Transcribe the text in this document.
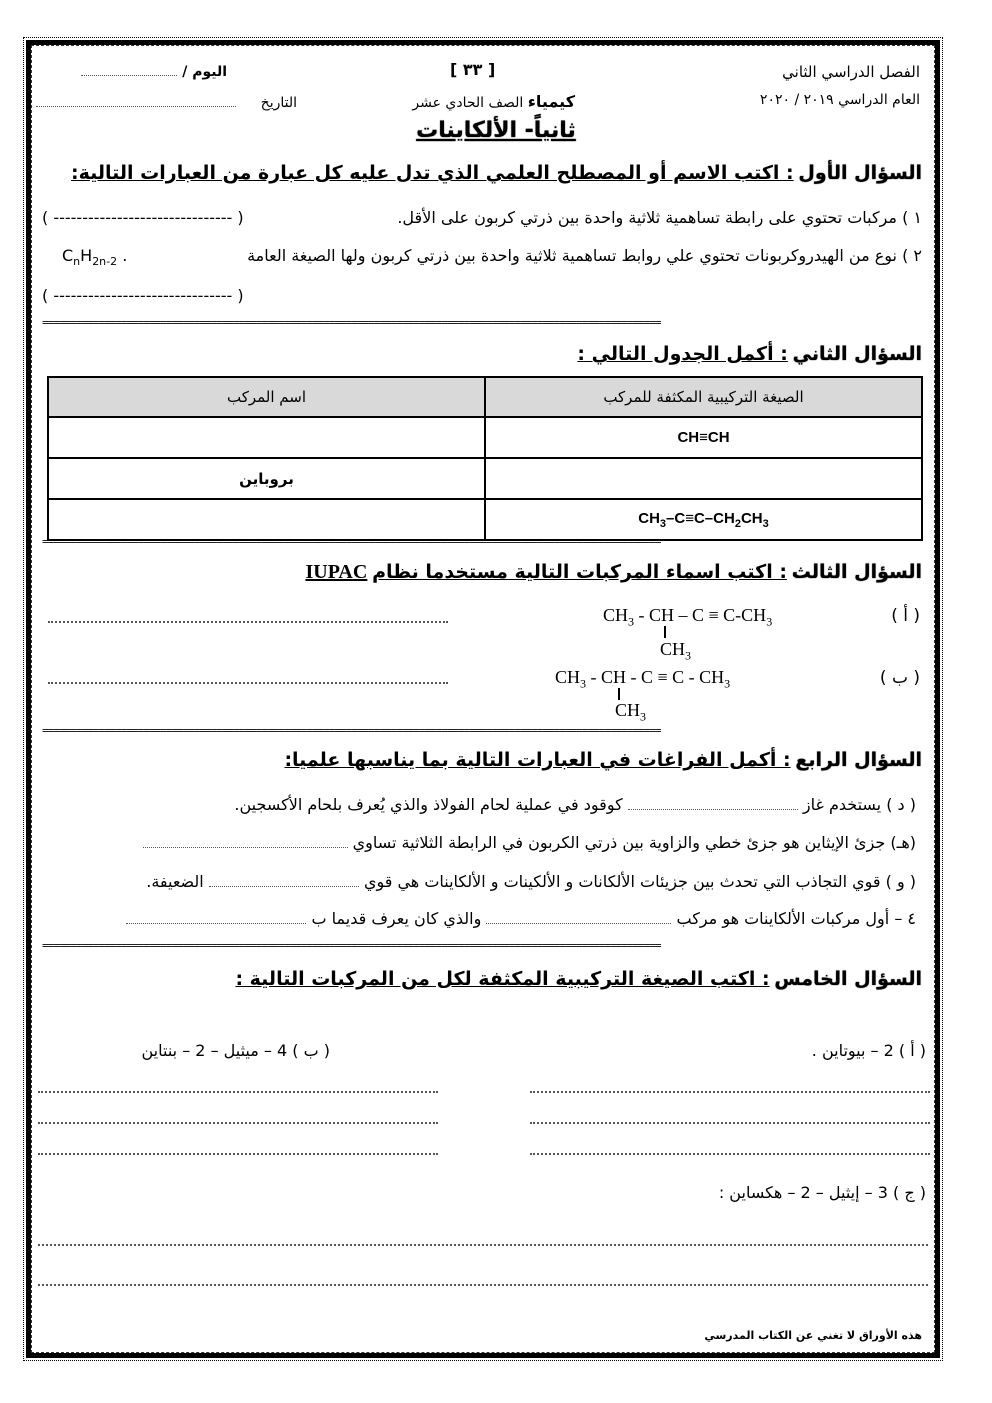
الفصل الدراسي الثاني
العام الدراسي ٢٠١٩ / ٢٠٢٠
[ ٣٣ ]
كيمياء الصف الحادي عشر
اليوم /
التاريخ
ثانياً- الألكاينات
السؤال الأول : اكتب الاسم أو المصطلح العلمي الذي تدل عليه كل عبارة من العبارات التالية:
١ ) مركبات تحتوي على رابطة تساهمية ثلاثية واحدة بين ذرتي كربون على الأقل.
( ------------------------------- )
٢ ) نوع من الهيدروكربونات تحتوي علي روابط تساهمية ثلاثية واحدة بين ذرتي كربون ولها الصيغة العامة
$C_nH_{2n-2}$ .
( ------------------------------- )
==============================================================================================================
السؤال الثاني : أكمل الجدول التالي :
الصيغة التركيبية المكثفة للمركب	اسم المركب
CH≡CH	
	بروباين
$CH_3-C\equiv C-CH_2CH_3$	
==============================================================================================================
السؤال الثالث : اكتب اسماء المركبات التالية مستخدما نظام IUPAC
( أ )
$CH_3$ - CH – $C \equiv C-CH_3$
$CH_3$
( ب )
$CH_3$ - CH - $C \equiv C - CH_3$
$CH_3$
==============================================================================================================
السؤال الرابع : أكمل الفراغات في العبارات التالية بما يناسبها علميا:
( د ) يستخدم غاز  كوقود في عملية لحام الفولاذ والذي يُعرف بلحام الأكسجين.
(هـ) جزئ الإيثاين هو جزئ خطي والزاوية بين ذرتي الكربون في الرابطة الثلاثية تساوي
( و ) قوي التجاذب التي تحدث بين جزيئات الألكانات و الألكينات و الألكاينات هي قوي  الضعيفة.
٤ – أول مركبات الألكاينات هو مركب  والذي كان يعرف قديما ب
==============================================================================================================
السؤال الخامس : اكتب الصيغة التركيبية المكثفة لكل من المركبات التالية :
( أ ) 2 – بيوتاين .
( ب ) 4 – ميثيل – 2 – بنتاين
( ج ) 3 – إيثيل – 2 – هكساين :
هذه الأوراق لا تغني عن الكتاب المدرسي
